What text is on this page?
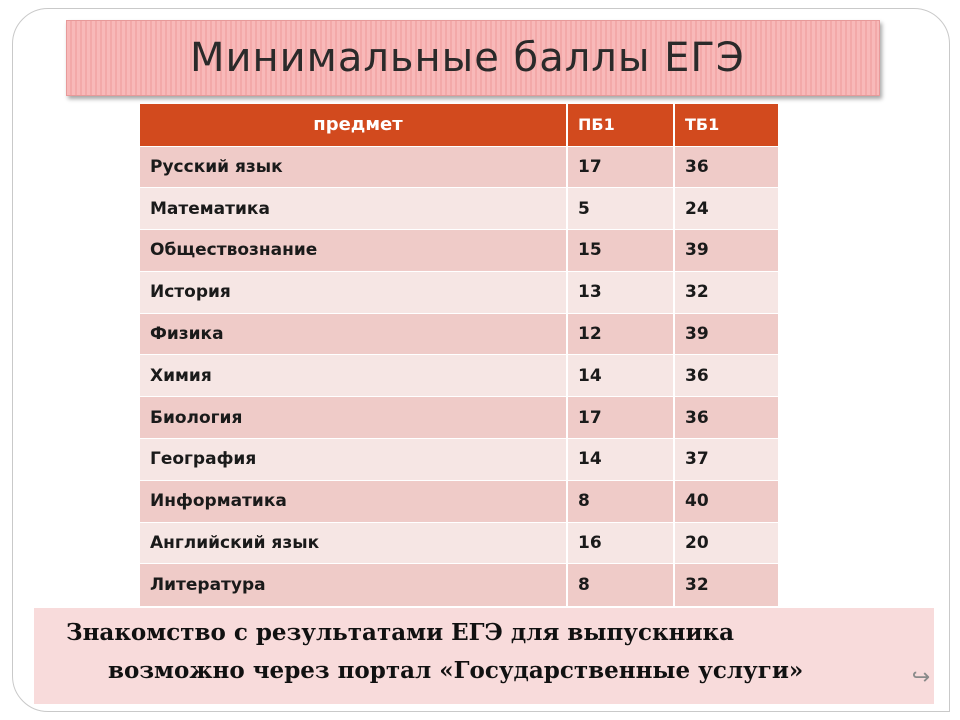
Минимальные баллы ЕГЭ
предмет	ПБ1	ТБ1
Русский язык	17	36
Математика	5	24
Обществознание	15	39
История	13	32
Физика	12	39
Химия	14	36
Биология	17	36
География	14	37
Информатика	8	40
Английский язык	16	20
Литература	8	32
Знакомство с результатами ЕГЭ для выпускника
возможно через портал «Государственные услуги»	↪
